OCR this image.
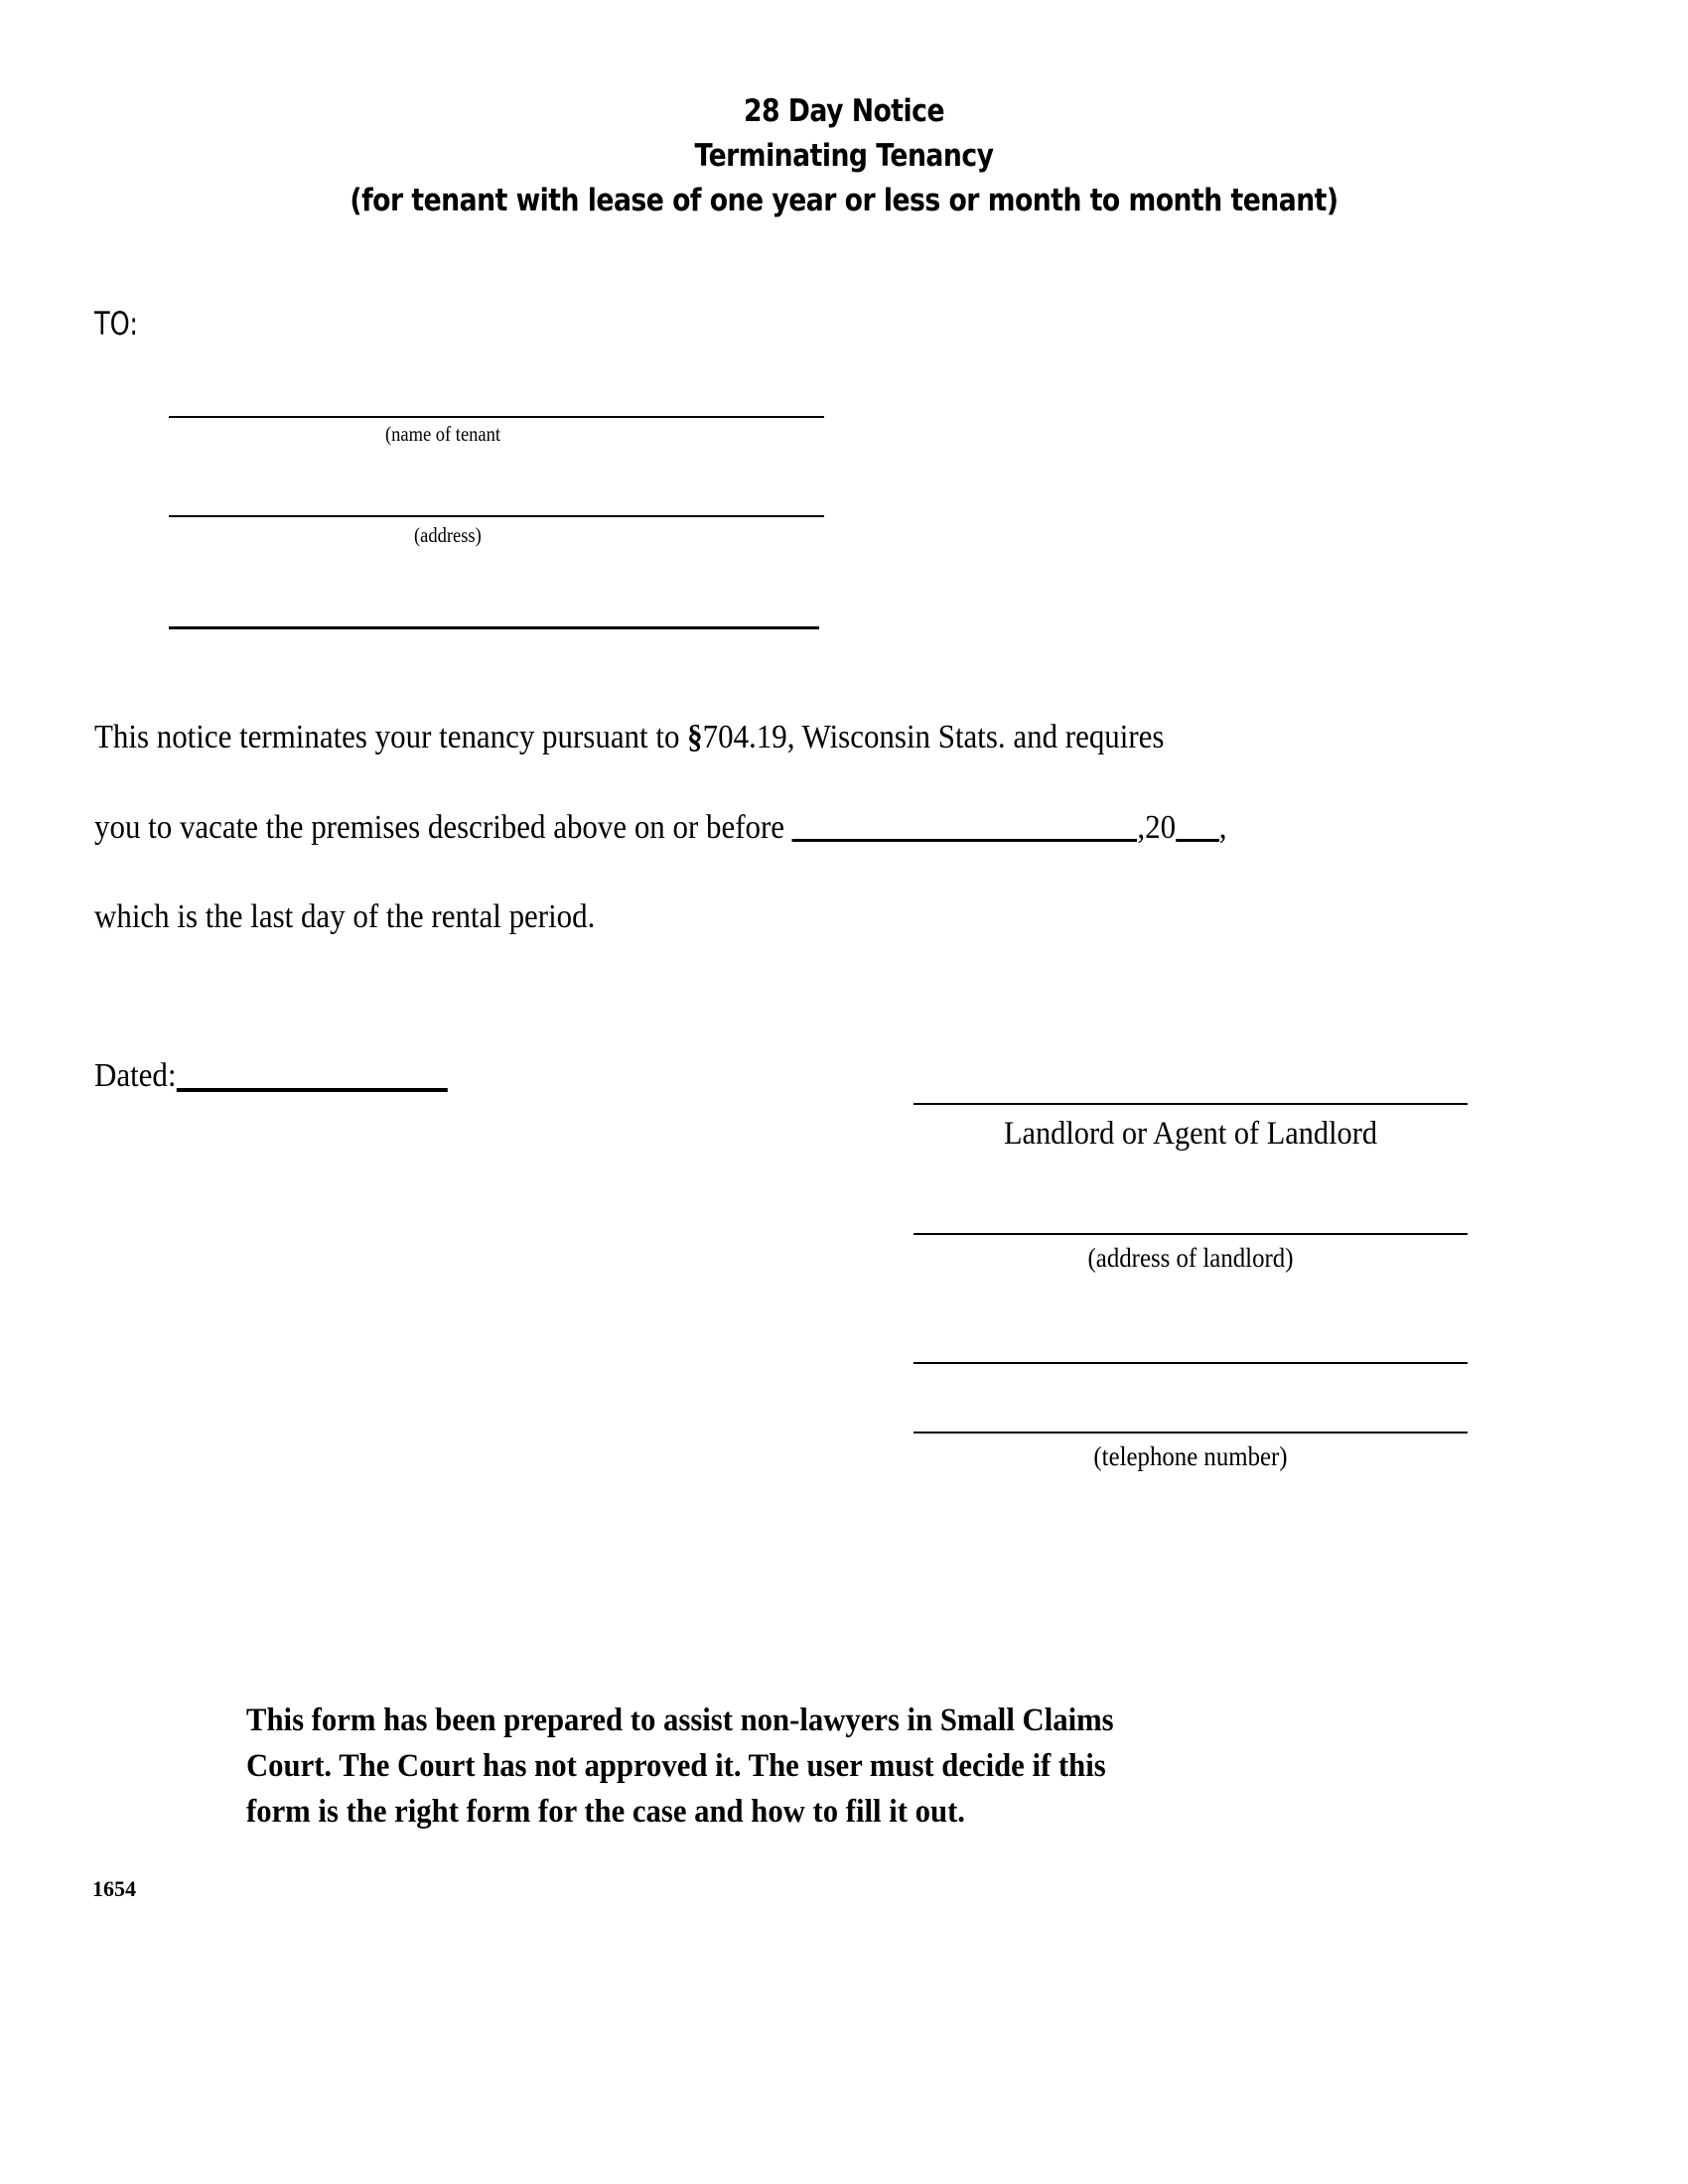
28 Day Notice
Terminating Tenancy
(for tenant with lease of one year or less or month to month tenant)
TO:
(name of tenant
(address)
This notice terminates your tenancy pursuant to §704.19, Wisconsin Stats. and requires
you to vacate the premises described above on or before	,20 ,
which is the last day of the rental period.
Dated:
Landlord or Agent of Landlord
(address of landlord)
(telephone number)
This form has been prepared to assist non-lawyers in Small Claims
Court. The Court has not approved it. The user must decide if this
form is the right form for the case and how to fill it out.
1654
